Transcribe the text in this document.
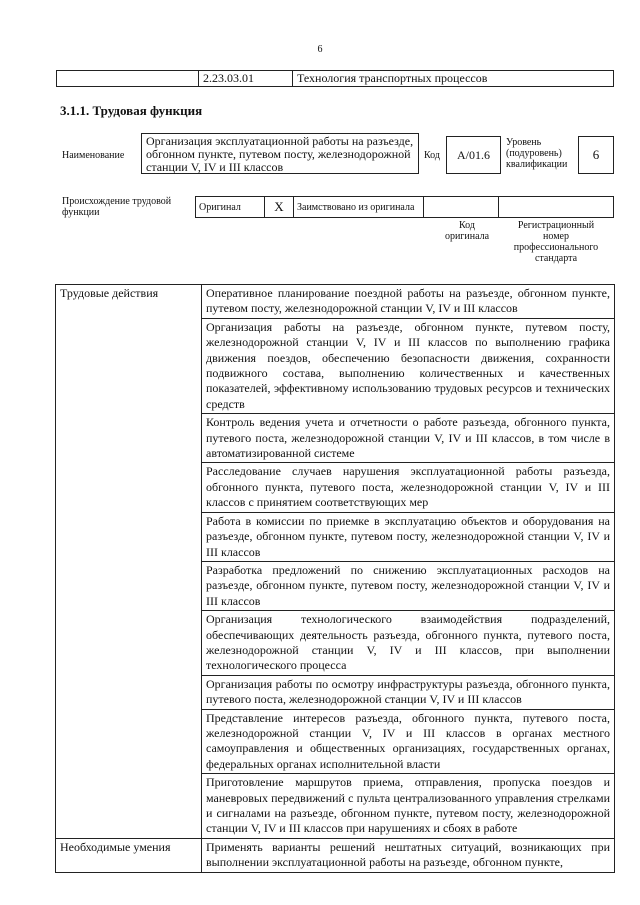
6
	2.23.03.01	Технология транспортных процессов
3.1.1. Трудовая функция
Наименование
Организация эксплуатационной работы на разъезде, обгонном пункте, путевом посту, железнодорожной станции V, IV и III классов
Код	А/01.6
Уровень (подуровень) квалификации
6
Происхождение трудовой функции	Оригинал	Х	Заимствовано из оригинала		
Код оригинала
Регистрационный номер профессионального стандарта
Трудовые действия	Оперативное планирование поездной работы на разъезде, обгонном пункте, путевом посту, железнодорожной станции V, IV и III классов
	Организация работы на разъезде, обгонном пункте, путевом посту, железнодорожной станции V, IV и III классов по выполнению графика движения поездов, обеспечению безопасности движения, сохранности подвижного состава, выполнению количественных и качественных показателей, эффективному использованию трудовых ресурсов и технических средств
	Контроль ведения учета и отчетности о работе разъезда, обгонного пункта, путевого поста, железнодорожной станции V, IV и III классов, в том числе в автоматизированной системе
	Расследование случаев нарушения эксплуатационной работы разъезда, обгонного пункта, путевого поста, железнодорожной станции V, IV и III классов с принятием соответствующих мер
	Работа в комиссии по приемке в эксплуатацию объектов и оборудования на разъезде, обгонном пункте, путевом посту, железнодорожной станции V, IV и III классов
	Разработка предложений по снижению эксплуатационных расходов на разъезде, обгонном пункте, путевом посту, железнодорожной станции V, IV и III классов
	Организация технологического взаимодействия подразделений, обеспечивающих деятельность разъезда, обгонного пункта, путевого поста, железнодорожной станции V, IV и III классов, при выполнении технологического процесса
	Организация работы по осмотру инфраструктуры разъезда, обгонного пункта, путевого поста, железнодорожной станции V, IV и III классов
	Представление интересов разъезда, обгонного пункта, путевого поста, железнодорожной станции V, IV и III классов в органах местного самоуправления и общественных организациях, государственных органах, федеральных органах исполнительной власти
	Приготовление маршрутов приема, отправления, пропуска поездов и маневровых передвижений с пульта централизованного управления стрелками и сигналами на разъезде, обгонном пункте, путевом посту, железнодорожной станции V, IV и III классов при нарушениях и сбоях в работе
Необходимые умения	Применять варианты решений нештатных ситуаций, возникающих при выполнении эксплуатационной работы на разъезде, обгонном пункте,
